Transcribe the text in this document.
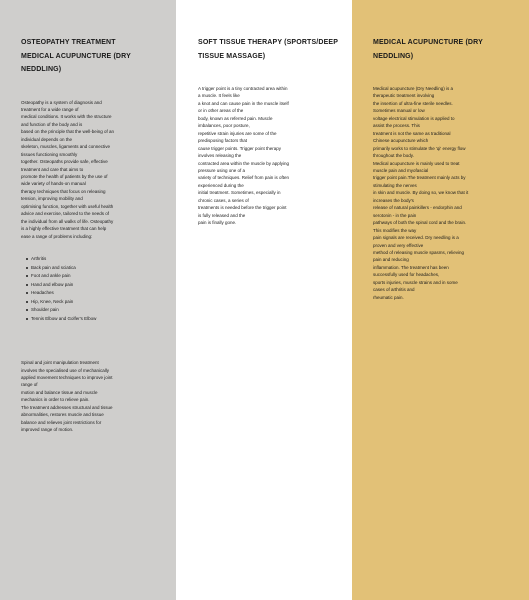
OSTEOPATHY TREATMENT
MEDICAL ACUPUNCTURE (DRY
NEDDLING)

Osteopathy is a system of diagnosis and
treatment for a wide range of
medical conditions. It works with the structure
and function of the body and is
based on the principle that the well-being of an
individual depends on the
skeleton, muscles, ligaments and connective
tissues functioning smoothly
together. Osteopaths provide safe, effective
treatment and care that aims to
promote the health of patients by the use of
wide variety of hands-on manual
therapy techniques that focus on releasing
tension, improving mobility and
optimising function, together with useful health
advice and exercise, tailored to the needs of
the individual from all walks of life. Osteopathy
is a highly effective treatment that can help
ease a range of problems including:

Arthritis
Back pain and sciatica
Foot and ankle pain
Hand and elbow pain
Headaches
Hip, Knee, Neck pain
Shoulder pain
Tennis Elbow and Golfer's Elbow

Spinal and joint manipulation treatment
involves the specialised use of mechanically
applied movement techniques to improve joint
range of
motion and balance tissue and muscle
mechanics in order to relieve pain.
The treatment addresses structural and tissue
abnormalities, restores muscle and tissue
balance and relieves joint restrictions for
improved range of motion.

SOFT TISSUE THERAPY (SPORTS/DEEP
TISSUE MASSAGE)

A trigger point is a tiny contracted area within
a muscle. It feels like
a knot and can cause pain in the muscle itself
or in other areas of the
body, known as referred pain. Muscle
imbalances, poor posture,
repetitive strain injuries are some of the
predisposing factors that
cause trigger points. Trigger point therapy
involves releasing the
contracted area within the muscle by applying
pressure using one of a
variety of techniques. Relief from pain is often
experienced during the
initial treatment. Sometimes, especially in
chronic cases, a series of
treatments is needed before the trigger point
is fully released and the
pain is finally gone.

MEDICAL ACUPUNCTURE (DRY
NEDDLING)

Medical acupuncture (Dry Needling) is a
therapeutic treatment involving
the insertion of ultra-fine sterile needles.
Sometimes manual or low
voltage electrical stimulation is applied to
assist the process. This
treatment is not the same as traditional
Chinese acupuncture which
primarily works to stimulate the 'qi' energy flow
throughout the body.
Medical acupuncture is mainly used to treat
muscle pain and myofascial
trigger point pain.The treatment mainly acts by
stimulating the nerves
in skin and muscle. By doing so, we know that it
increases the body's
release of natural painkillers - endorphin and
serotonin - in the pain
pathways of both the spinal cord and the brain.
This modifies the way
pain signals are received. Dry needling is a
proven and very effective
method of releasing muscle spasms, relieving
pain and reducing
inflammation. The treatment has been
successfully used for headaches,
sports injuries, muscle strains and in some
cases of arthritis and
rheumatic pain.
